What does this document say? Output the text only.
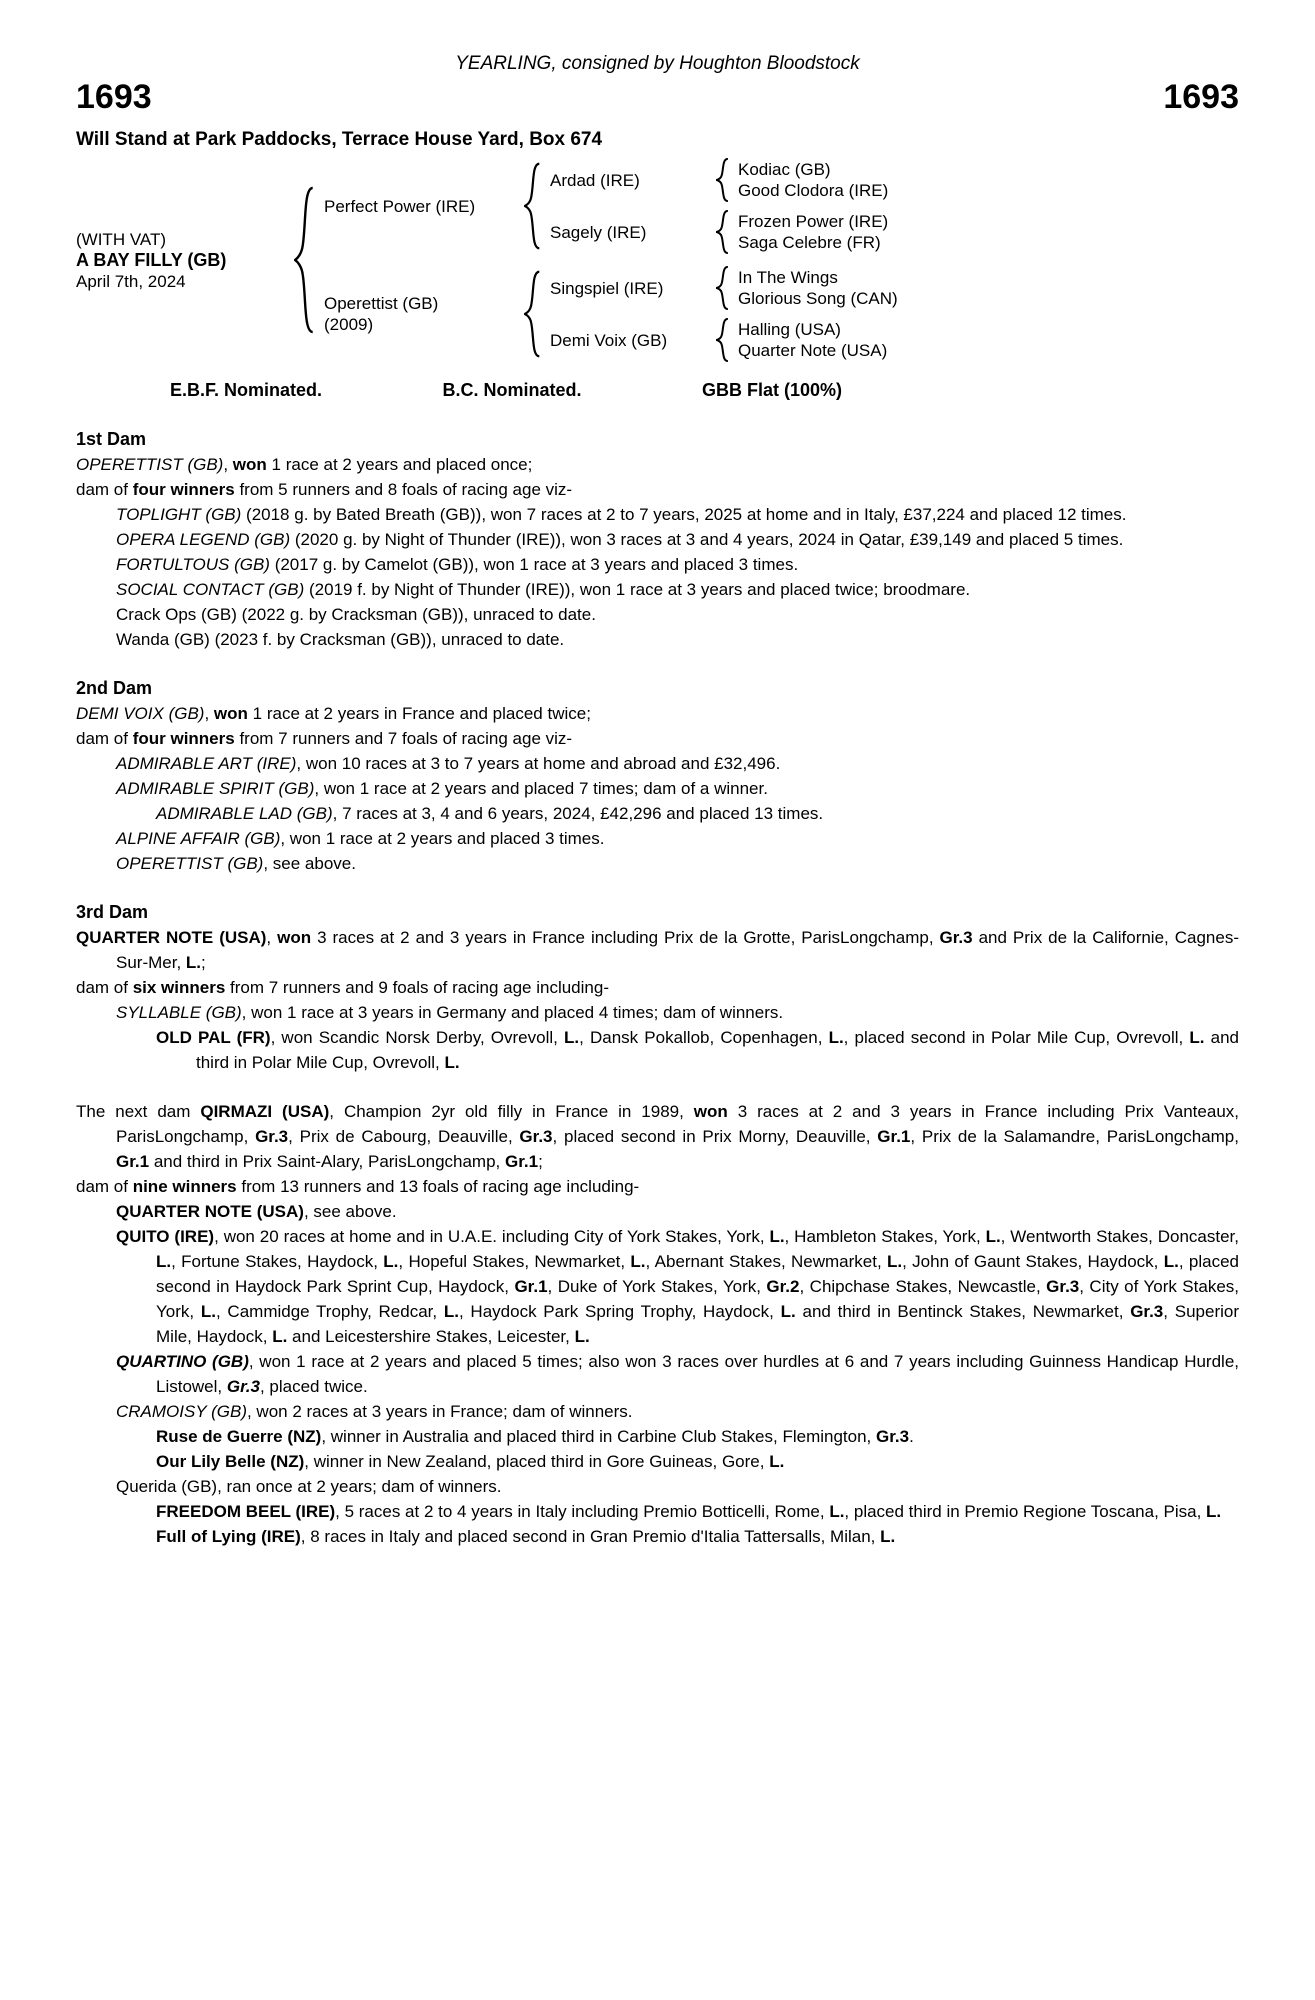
YEARLING, consigned by Houghton Bloodstock
1693	1693
Will Stand at Park Paddocks, Terrace House Yard, Box 674
(WITH VAT)
A BAY FILLY (GB)
April 7th, 2024
Perfect Power (IRE)
Ardad (IRE)
Kodiac (GB)
Good Clodora (IRE)
Sagely (IRE)
Frozen Power (IRE)
Saga Celebre (FR)
Operettist (GB)
(2009)
Singspiel (IRE)
In The Wings
Glorious Song (CAN)
Demi Voix (GB)
Halling (USA)
Quarter Note (USA)
E.B.F. Nominated.	B.C. Nominated.	GBB Flat (100%)
1st Dam

OPERETTIST (GB), won 1 race at 2 years and placed once;

dam of four winners from 5 runners and 8 foals of racing age viz-

TOPLIGHT (GB) (2018 g. by Bated Breath (GB)), won 7 races at 2 to 7 years, 2025 at home and in Italy, £37,224 and placed 12 times.

OPERA LEGEND (GB) (2020 g. by Night of Thunder (IRE)), won 3 races at 3 and 4 years, 2024 in Qatar, £39,149 and placed 5 times.

FORTULTOUS (GB) (2017 g. by Camelot (GB)), won 1 race at 3 years and placed 3 times.

SOCIAL CONTACT (GB) (2019 f. by Night of Thunder (IRE)), won 1 race at 3 years and placed twice; broodmare.

Crack Ops (GB) (2022 g. by Cracksman (GB)), unraced to date.

Wanda (GB) (2023 f. by Cracksman (GB)), unraced to date.

2nd Dam

DEMI VOIX (GB), won 1 race at 2 years in France and placed twice;

dam of four winners from 7 runners and 7 foals of racing age viz-

ADMIRABLE ART (IRE), won 10 races at 3 to 7 years at home and abroad and £32,496.

ADMIRABLE SPIRIT (GB), won 1 race at 2 years and placed 7 times; dam of a winner.

ADMIRABLE LAD (GB), 7 races at 3, 4 and 6 years, 2024, £42,296 and placed 13 times.

ALPINE AFFAIR (GB), won 1 race at 2 years and placed 3 times.

OPERETTIST (GB), see above.

3rd Dam

QUARTER NOTE (USA), won 3 races at 2 and 3 years in France including Prix de la Grotte, ParisLongchamp, Gr.3 and Prix de la Californie, Cagnes-Sur-Mer, L.;

dam of six winners from 7 runners and 9 foals of racing age including-

SYLLABLE (GB), won 1 race at 3 years in Germany and placed 4 times; dam of winners.

OLD PAL (FR), won Scandic Norsk Derby, Ovrevoll, L., Dansk Pokallob, Copenhagen, L., placed second in Polar Mile Cup, Ovrevoll, L. and third in Polar Mile Cup, Ovrevoll, L.

The next dam QIRMAZI (USA), Champion 2yr old filly in France in 1989, won 3 races at 2 and 3 years in France including Prix Vanteaux, ParisLongchamp, Gr.3, Prix de Cabourg, Deauville, Gr.3, placed second in Prix Morny, Deauville, Gr.1, Prix de la Salamandre, ParisLongchamp, Gr.1 and third in Prix Saint-Alary, ParisLongchamp, Gr.1;

dam of nine winners from 13 runners and 13 foals of racing age including-

QUARTER NOTE (USA), see above.

QUITO (IRE), won 20 races at home and in U.A.E. including City of York Stakes, York, L., Hambleton Stakes, York, L., Wentworth Stakes, Doncaster, L., Fortune Stakes, Haydock, L., Hopeful Stakes, Newmarket, L., Abernant Stakes, Newmarket, L., John of Gaunt Stakes, Haydock, L., placed second in Haydock Park Sprint Cup, Haydock, Gr.1, Duke of York Stakes, York, Gr.2, Chipchase Stakes, Newcastle, Gr.3, City of York Stakes, York, L., Cammidge Trophy, Redcar, L., Haydock Park Spring Trophy, Haydock, L. and third in Bentinck Stakes, Newmarket, Gr.3, Superior Mile, Haydock, L. and Leicestershire Stakes, Leicester, L.

QUARTINO (GB), won 1 race at 2 years and placed 5 times; also won 3 races over hurdles at 6 and 7 years including Guinness Handicap Hurdle, Listowel, Gr.3, placed twice.

CRAMOISY (GB), won 2 races at 3 years in France; dam of winners.

Ruse de Guerre (NZ), winner in Australia and placed third in Carbine Club Stakes, Flemington, Gr.3.

Our Lily Belle (NZ), winner in New Zealand, placed third in Gore Guineas, Gore, L.

Querida (GB), ran once at 2 years; dam of winners.

FREEDOM BEEL (IRE), 5 races at 2 to 4 years in Italy including Premio Botticelli, Rome, L., placed third in Premio Regione Toscana, Pisa, L.

Full of Lying (IRE), 8 races in Italy and placed second in Gran Premio d'Italia Tattersalls, Milan, L.
